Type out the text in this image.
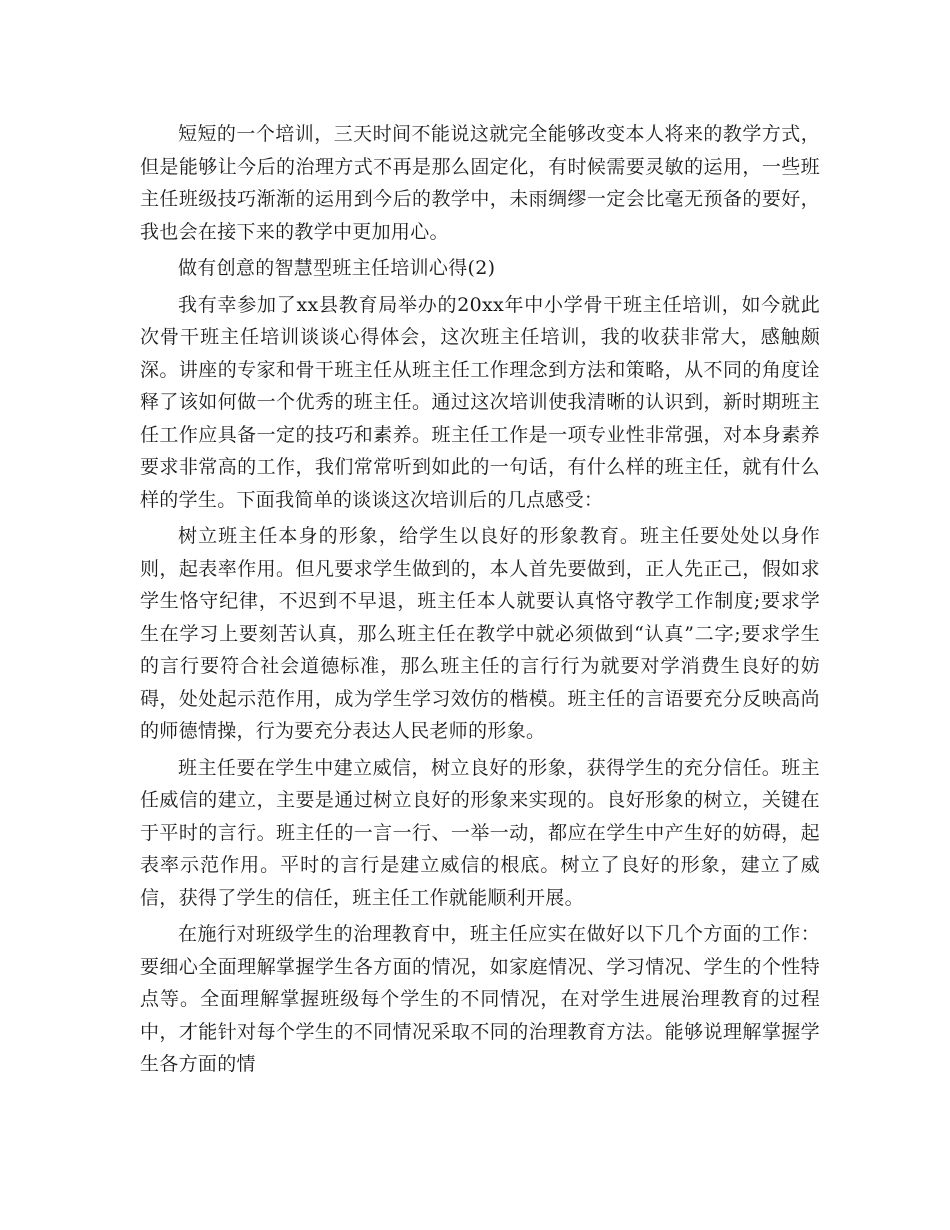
短短的一个培训，三天时间不能说这就完全能够改变本人将来的教学方式，但是能够让今后的治理方式不再是那么固定化，有时候需要灵敏的运用，一些班主任班级技巧渐渐的运用到今后的教学中，未雨绸缪一定会比毫无预备的要好，我也会在接下来的教学中更加用心。

做有创意的智慧型班主任培训心得(2)

我有幸参加了xx县教育局举办的20xx年中小学骨干班主任培训，如今就此次骨干班主任培训谈谈心得体会，这次班主任培训，我的收获非常大，感触颇深。讲座的专家和骨干班主任从班主任工作理念到方法和策略，从不同的角度诠释了该如何做一个优秀的班主任。通过这次培训使我清晰的认识到，新时期班主任工作应具备一定的技巧和素养。班主任工作是一项专业性非常强，对本身素养要求非常高的工作，我们常常听到如此的一句话，有什么样的班主任，就有什么样的学生。下面我简单的谈谈这次培训后的几点感受：

树立班主任本身的形象，给学生以良好的形象教育。班主任要处处以身作则，起表率作用。但凡要求学生做到的，本人首先要做到，正人先正己，假如求学生恪守纪律，不迟到不早退，班主任本人就要认真恪守教学工作制度;要求学生在学习上要刻苦认真，那么班主任在教学中就必须做到“认真”二字;要求学生的言行要符合社会道德标准，那么班主任的言行行为就要对学消费生良好的妨碍，处处起示范作用，成为学生学习效仿的楷模。班主任的言语要充分反映高尚的师德情操，行为要充分表达人民老师的形象。

班主任要在学生中建立威信，树立良好的形象，获得学生的充分信任。班主任威信的建立，主要是通过树立良好的形象来实现的。良好形象的树立，关键在于平时的言行。班主任的一言一行、一举一动，都应在学生中产生好的妨碍，起表率示范作用。平时的言行是建立威信的根底。树立了良好的形象，建立了威信，获得了学生的信任，班主任工作就能顺利开展。

在施行对班级学生的治理教育中，班主任应实在做好以下几个方面的工作：要细心全面理解掌握学生各方面的情况，如家庭情况、学习情况、学生的个性特点等。全面理解掌握班级每个学生的不同情况，在对学生进展治理教育的过程中，才能针对每个学生的不同情况采取不同的治理教育方法。能够说理解掌握学生各方面的情
